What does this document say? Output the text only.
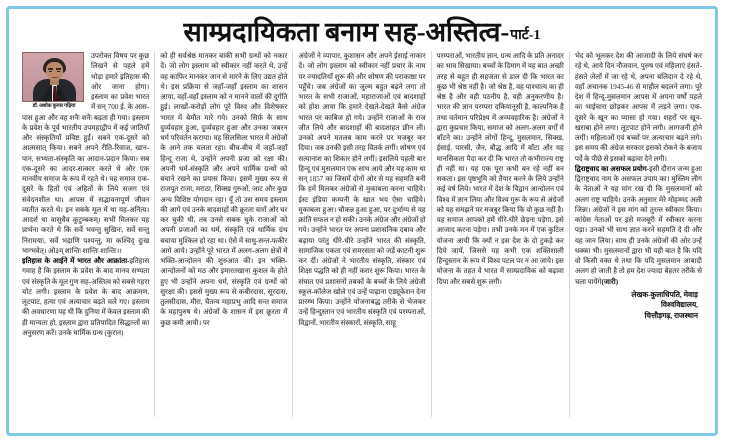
साम्प्रदायिकता बनाम सह-अस्तित्व-पार्ट-1
डॉ. अशोक कुमार गढ़िया

उपरोक्त विषय पर कुछ लिखने से पहले हमें थोड़ा हमारे इतिहास की ओर जाना होगा। इस्लाम का प्रवेश भारत में सन् 700 ई. के आस-पास हुआ और वह शनैः शनैः बढ़ता ही गया। इस्लाम के प्रवेश के पूर्व भारतीय उपमहाद्वीप में कई जातियाँ और संस्कृतियाँ प्रविष्ट हुईं। सबने एक-दूसरे को आत्मसात् किया। सबने अपने रीति-रिवाज, खान-पान, सभ्यता-संस्कृति का आदान-प्रदान किया। सब एक-दूसरे का आदर-सत्कार करते थे और एक मानवीय समाज के रूप में रहते थे। यह समाज एक-दूसरे के हितों एवं अहितों के लिये सजग एवं संवेदनशील था। आपस में सद्भावनापूर्ण जीवन व्यतीत करते थे। इन सबके मूल में था यह-अनित्य। आदर्श था वासुधैव कुटुम्बकम्। सभी मिलकर यह प्रार्थना करते थे कि सर्वे भवन्तु सुखिनः, सर्वे सन्तु निरामयाः, सर्वे भद्राणि पश्यन्तु, मा कश्चिद् दुःख भाग्भवेत्। ओ३म् शान्तिः शान्तिः शान्तिः।।

इतिहास के आईने में भारत और आक्रांता-इतिहास गवाह है कि इस्लाम के प्रवेश के बाद मानव सभ्यता एवं संस्कृति के मूल गुण सह-अस्तित्व को सबसे गहरा चोट लगी। इस्लाम के प्रवेश के बाद आक्रमण, लूटपाट, हत्या एवं अत्याचार बढ़ते चले गए। इस्लाम की अवधारणा यह थी कि दुनिया में केवल इस्लाम की ही मान्यता हो, इस्लाम द्वारा प्रतिपादित सिद्धान्तों का अनुसरण करें। उनके धार्मिक ग्रन्थ (कुरान)

को ही सर्वश्रेष्ठ मानकर बाकी सभी ग्रन्थों को नकार दें। जो लोग इस्लाम को स्वीकार नहीं करते थे, उन्हें वह काफिर मानकर जान से मारने के लिए उद्यत होते थे। इस प्रक्रिया से जहाँ-जहाँ इस्लाम का शासन आया, वहाँ-वहाँ इस्लाम को न मानने वालों की दुर्गति हुई। लाखों-करोड़ों लोग पूरे विश्व और विशेषकर भारत में बेमौत मारे गये। उनको सिर्फ़ के साथ दुर्व्यवहार हुआ, दुर्व्यवहार हुआ और उनका जबरन धर्म परिवर्तन कराया। यह सिलसिला भारत में अंग्रेजों के आने तक चलता रहा। बीच-बीच में जहाँ-जहाँ हिन्दू राजा थे, उन्होंने अपनी प्रजा को रक्षा की। अपनी धर्म-संस्कृति और अपने धार्मिक ग्रन्थों को बचाने रखने का प्रयास किया। इसमें मुख्य रूप से राजपूत राजा, मराठा, सिक्ख गुरुओं, जाट और कुछ अन्य विशिष्ट योगदान रहा। यूँ तो उस समय इस्लाम की आगे एवं उनके बादशाहों की क्रूरता चारों ओर घर कर चुकी थी, तब उनसे सबक चुके राजाओं को अपनी प्रजाओं का धर्म, संस्कृति एवं धार्मिक ग्रंथ बचाया मुश्किल हो रहा था। ऐसे में साधु-सन्त-फकीर आगे आये। उन्होंने पूरे भारत में अलग-अलग क्षेत्रों में भक्ति-आन्दोलन की शुरुआत की। इन भक्ति-आन्दोलनों को मठ और इमारतखाना कुशल के होते हुए भी उन्होंने अपना धर्म, संस्कृति एवं ग्रन्थों को सुरक्षा की। इससे मुख्य रूप से कबीरदास, सूरदास, तुलसीदास, मीरा, चैतन्य महाप्रभु आदि सन्त समाज के महापुरुष थे। अंग्रेजों के शासन में इस क्रूरता में कुछ कमी आयी। पर

अंग्रेजों ने व्यापार, कुशासन और अपने ईसाई नाकार दें। जो लोग इस्लाम को स्वीकार नहीं प्रचार के नाम पर ज्यादतियाँ शुरू की और शोषण की पराकाष्ठा पर पहुँचे। जब अंग्रेजों का जुल्म बहुत बढ़ने लगा तो भारत के सभी राजाओं, महाराजाओं एवं बादशाहों को होश आया कि हमारे देखते-देखते कैसे अंग्रेज भारत पर काबिज हो गये। उन्होंने राजाओं के राज जीत लिये और बादशाहों की बादशाहत छीन ली। उनको अपने मतलब काम करने पर मजबूर कर दिया। जब उनकी इसी तरह वितर्क लगीं। शोषण एवं सत्यानाश का शिकार होने लगीं। इसलिये पहली बार हिन्दू एवं मुसलमान एक साथ आये और यह काम था सन् 1857 का जिसमें दोनों ओर से यह सहमति बनी कि हमें मिलकर अंग्रेजों से मुकाबला करना चाहिये। ईस्ट इंडिया कम्पनी के खात भय ऐसा चाहिये। मुकाबला हुआ। चौकन्न हुआ हुआ, पर दुर्भाग्य से यह क्रांति सफल न हो सकी। उनके अंग्रेज और अंग्रेजों हो गये। उन्होंने भारत पर अपना प्रशासनिक दबाव और बढ़ाया परंतु धीरे-धीरे उन्होंने भारत की संस्कृति, सामाजिक एकता एवं समरसता को जड़ें काटनी शुरू कर दीं। अंग्रेजों ने भारतीय संस्कृति, संस्कार एवं शिक्षा पद्धति को ही नहीं करार शुरू किया। भारत के संघात एवं प्रशासनों तबकों के बच्चों के लिये अंग्रेजी स्कूल-कॉलेज खोले एवं उन्हें पाढ़ाना एड्यूकेशन देना प्रारम्भ किया। उन्होंने योजनाबद्ध तरीके से भेजकर उन्हें हिन्दुस्तान एवं भारतीय संस्कृति एवं परम्पराओं, विद्वानों, भारतीय संस्कारों, संस्कृति, साहू

परम्पराओं, भारतीय ज्ञान, ग्रन्थ आदि के प्रति अनादर का भाव सिखाया। बच्चों के दिमाग में यह बात अच्छी तरह से बहुत ही सहजता से डाल दी कि भारत का कुछ भी श्रेष्ठ नहीं है। जो श्रेष्ठ है, वह पाश्चात्य का ही श्रेष्ठ है और वही पठनीय है, वही अनुकरणीय है। भारत की ज्ञान परम्परा दकियानूसी है, काल्पनिक है तथा वर्तमान परिप्रेक्ष्य में अव्यवहारिक है। अंग्रेजों ने द्वारा कुप्रचार किया, समाज को अलग-अलग वर्गों में बाँटने का। उन्होंने लोगों हिन्दू, मुसलमान, सिक्ख, ईसाई, पारसी, जैन, बौद्ध आदि में बाँटा और यह मानसिकता पैदा कर दी कि भारत तो कभीराज्य राष्ट्र ही नहीं था। यह एक पूरा कभी बन रहे नहीं बन सकता। इस पृष्ठभूमि को तैयार करने के लिये उन्होंने कई वर्ष लिये। भारत में देश के विद्वान आन्दोलन एवं विश्व में ज्ञान लिया और विश्व गुरू के रूप से अंग्रेजों को यह समझने पर मजबूर किया कि वो कुछ नहीं है। यह समाज आपको हमें धीरे-धीरे छेड़ना पड़ेगा, इसे आजाद करना पड़ेगा। तभी उनके मन में एक कुटिल योजना आयी कि क्यों न इस देश के दो टुकड़े कर दिये जायें, जिससे यह कभी एक शक्तिशाली हिन्दुस्तान के रूप में विश्व पटल पर न आ जाये। इस योजना के तहत वे भारत में साम्प्रदायिक को बढ़ावा दिया और सबसे शुरू लगी।

भेद को भूलकर देश की आजादी के लिये संघर्ष कर रहे थे, आये दिन नौजवान, पुरुष एवं महिलाएं हंसते-हंसते जेलों में जा रहे थे, अपना बलिदान दे रहे थे, वहाँ अचानक 1945-46 से माहौल बदलने लगा। पूरे देश में हिन्दू-मुसलमान आपस में अपना वर्षों पहले का भाईचारा छोड़कर आपस में लड़ने लगा। एक-दूसरे के खून का प्यासा हो गया। शहरों पर खून-खराबा होने लगा। लूटपाट होने लगी। आगजनी होने लगीं। महिलाओं एवं बच्चों पर अत्याचार बढ़ने लगे। इस समय की अंग्रेज सरकार इसको रोकने के बजाय पर्दे के पीछे से इसको बढ़ावा देने लगी।

द्विराष्ट्रवाद का असफल प्रयोग-इसी दौरान जन्म हुआ द्विराष्ट्रवाद नाम के असफल उपाय का। मुस्लिम लीग के नेताओं ने यह मांग रख दी कि मुसलमानों को अलग राष्ट्र चाहिये। उनके अनुसार मेरे मोहम्मद अली जिन्ना। अंग्रेजों ने इस मांग को तुरन्त स्वीकार किया। कांग्रेस नेताओं पर इसे मजबूरी में स्वीकार करना पड़ा। उनको भी साथ ज्ञात करने सहमति दे दी और यह जान लिया। साथ ही उनके अंग्रेजों की ओर उन्हें धक्का भी। मुसलमानों द्वारा भी यही बात है कि यदि वो किसी वक्त थे तथा कि यदि मुसलमान आबादी अलग हो जाती है तो हम देश ज्यादा बेहतर तरीके से चला पायेंगे(जारी)

लेखक-कुलाधिपति, मेवाड़
विश्वविद्यालय,
चित्तौड़गढ़, राजस्थान
